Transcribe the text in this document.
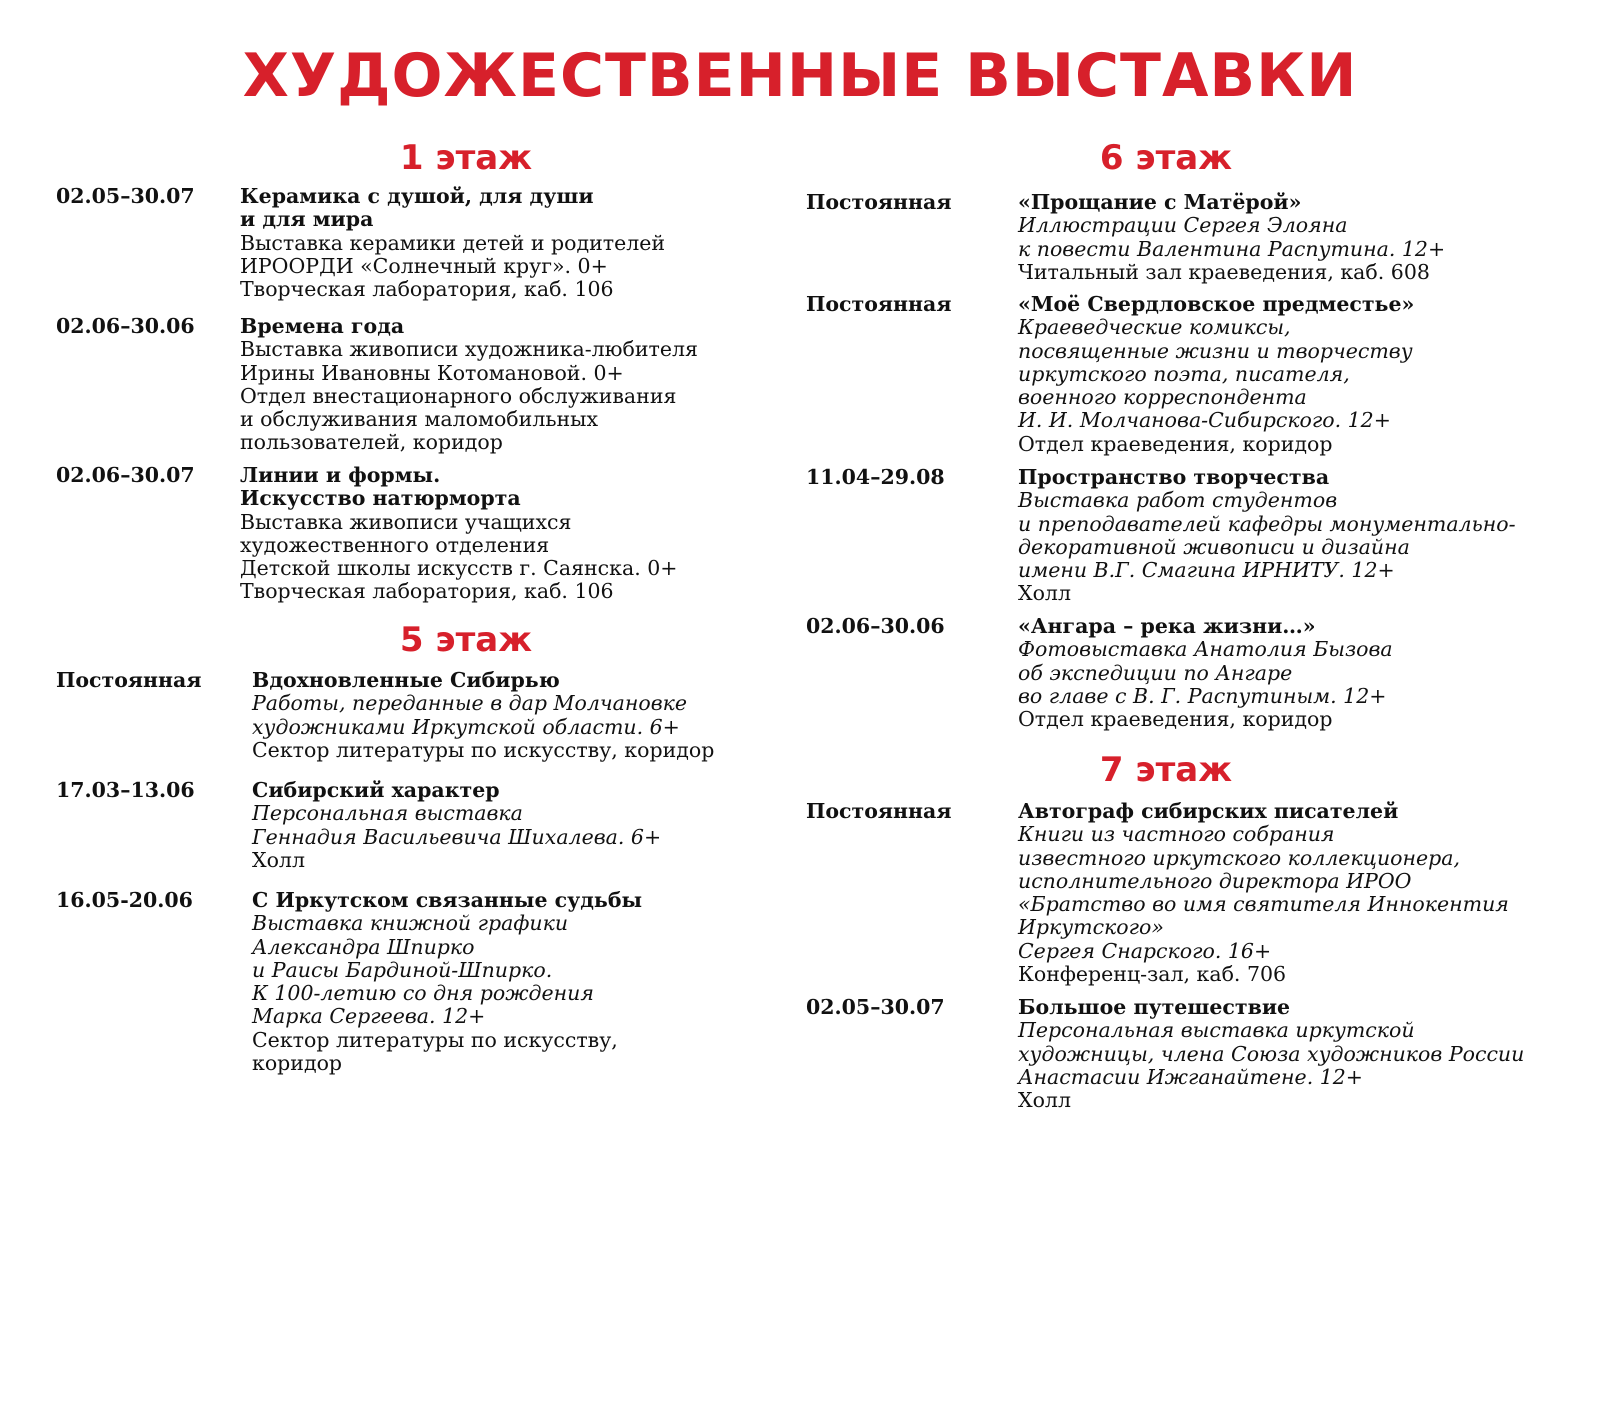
ХУДОЖЕСТВЕННЫЕ ВЫСТАВКИ
1 этаж
02.05–30.07 Керамика с душой, для души
и для мира
Выставка керамики детей и родителей
ИРООРДИ «Солнечный круг». 0+
Творческая лаборатория, каб. 106
02.06–30.06 Времена года
Выставка живописи художника-любителя
Ирины Ивановны Котомановой. 0+
Отдел внестационарного обслуживания
и обслуживания маломобильных
пользователей, коридор
02.06–30.07 Линии и формы.
Искусство натюрморта
Выставка живописи учащихся
художественного отделения
Детской школы искусств г. Саянска. 0+
Творческая лаборатория, каб. 106
5 этаж
Постоянная Вдохновленные Сибирью
Работы, переданные в дар Молчановке
художниками Иркутской области. 6+
Сектор литературы по искусству, коридор
17.03–13.06	Сибирский характер
Персональная выставка
Геннадия Васильевича Шихалева. 6+
Холл
16.05-20.06	С Иркутском связанные судьбы
Выставка книжной графики
Александра Шпирко
и Раисы Бардиной-Шпирко.
К 100-летию со дня рождения
Марка Сергеева. 12+
Сектор литературы по искусству,
коридор
6 этаж
Постоянная	«Прощание с Матёрой»
Иллюстрации Сергея Элояна
к повести Валентина Распутина. 12+
Читальный зал краеведения, каб. 608
Постоянная	«Моё Свердловское предместье»
Краеведческие комиксы,
посвященные жизни и творчеству
иркутского поэта, писателя,
военного корреспондента
И. И. Молчанова-Сибирского. 12+
Отдел краеведения, коридор
11.04–29.08	Пространство творчества
Выставка работ студентов
и преподавателей кафедры монументально-
декоративной живописи и дизайна
имени В.Г. Смагина ИРНИТУ. 12+
Холл
02.06–30.06	«Ангара – река жизни…»
Фотовыставка Анатолия Бызова
об экспедиции по Ангаре
во главе с В. Г. Распутиным. 12+
Отдел краеведения, коридор
7 этаж
Постоянная	Автограф сибирских писателей
Книги из частного собрания
известного иркутского коллекционера,
исполнительного директора ИРОО
«Братство во имя святителя Иннокентия
Иркутского»
Сергея Снарского. 16+
Конференц-зал, каб. 706
02.05–30.07	Большое путешествие
Персональная выставка иркутской
художницы, члена Союза художников России
Анастасии Ижганайтене. 12+
Холл
